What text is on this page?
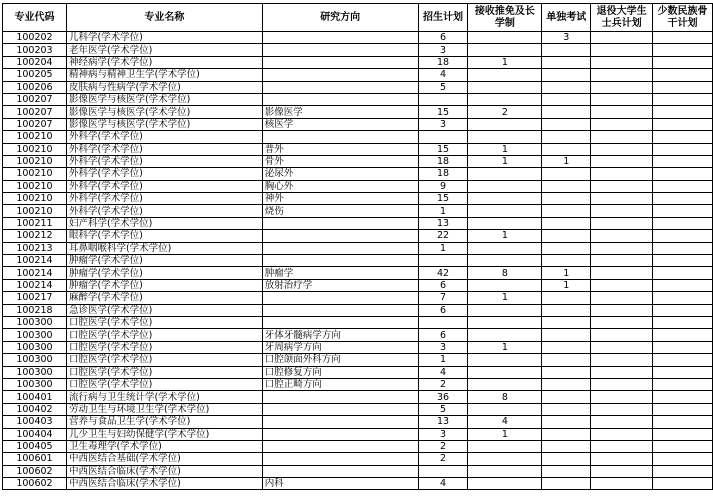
专业代码	专业名称	研究方向	招生计划	接收推免及长学制	单独考试	退役大学生士兵计划	少数民族骨干计划
100202	儿科学(学术学位)		6		3		
100203	老年医学(学术学位)		3				
100204	神经病学(学术学位)		18	1			
100205	精神病与精神卫生学(学术学位)		4				
100206	皮肤病与性病学(学术学位)		5				
100207	影像医学与核医学(学术学位)						
100207	影像医学与核医学(学术学位)	影像医学	15	2			
100207	影像医学与核医学(学术学位)	核医学	3				
100210	外科学(学术学位)						
100210	外科学(学术学位)	普外	15	1			
100210	外科学(学术学位)	骨外	18	1	1		
100210	外科学(学术学位)	泌尿外	18				
100210	外科学(学术学位)	胸心外	9				
100210	外科学(学术学位)	神外	15				
100210	外科学(学术学位)	烧伤	1				
100211	妇产科学(学术学位)		13				
100212	眼科学(学术学位)		22	1			
100213	耳鼻咽喉科学(学术学位)		1				
100214	肿瘤学(学术学位)						
100214	肿瘤学(学术学位)	肿瘤学	42	8	1		
100214	肿瘤学(学术学位)	放射治疗学	6		1		
100217	麻醉学(学术学位)		7	1			
100218	急诊医学(学术学位)		6				
100300	口腔医学(学术学位)						
100300	口腔医学(学术学位)	牙体牙髓病学方向	6				
100300	口腔医学(学术学位)	牙周病学方向	3	1			
100300	口腔医学(学术学位)	口腔颌面外科方向	1				
100300	口腔医学(学术学位)	口腔修复方向	4				
100300	口腔医学(学术学位)	口腔正畸方向	2				
100401	流行病与卫生统计学(学术学位)		36	8			
100402	劳动卫生与环境卫生学(学术学位)		5				
100403	营养与食品卫生学(学术学位)		13	4			
100404	儿少卫生与妇幼保健学(学术学位)		3	1			
100405	卫生毒理学(学术学位)		2				
100601	中西医结合基础(学术学位)		2				
100602	中西医结合临床(学术学位)						
100602	中西医结合临床(学术学位)	内科	4				
